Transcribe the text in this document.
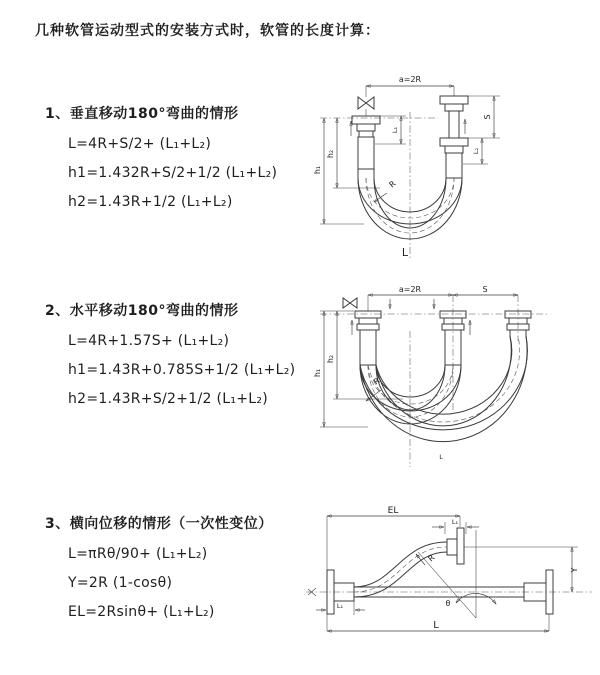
几种软管运动型式的安装方式时，软管的长度计算：
1、垂直移动180°弯曲的情形
L=4R+S/2+ (L₁+L₂)
h1=1.432R+S/2+1/2 (L₁+L₂)
h2=1.43R+1/2 (L₁+L₂)
2、水平移动180°弯曲的情形
L=4R+1.57S+ (L₁+L₂)
h1=1.43R+0.785S+1/2 (L₁+L₂)
h2=1.43R+S/2+1/2 (L₁+L₂)
3、横向位移的情形（一次性变位）
L=πRθ/90+ (L₁+L₂)
Y=2R (1-cosθ)
EL=2Rsinθ+ (L₁+L₂)
a=2R
L₁
S
L₂
R
h₁
h₂
L
a=2R	S
R
h₁
h₂
L
EL
L₁
R
θ
Y
L
L₁
